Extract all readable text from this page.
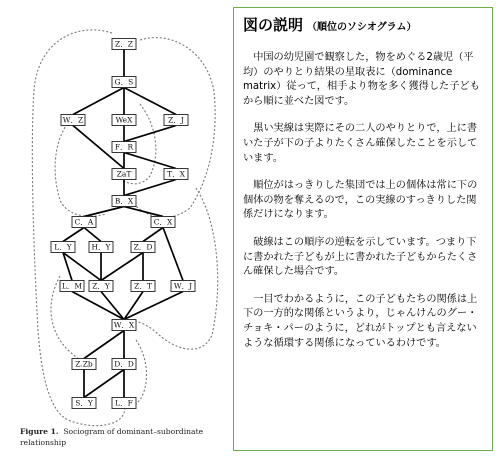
Z．Z
G．S
W．Z	WeX	Z．J
F．R
ZaT	T．X
B．X
C．A	C．X
L．Y	H．Y	Z．D
L．M Z．Y	Z．T	W．J
W．X
Z.Zb	D．D
S．Y	L．F
Figure 1. Sociogram of dominant–subordinate relationship
図の説明 （順位のソシオグラム）

中国の幼児園で観察した，物をめぐる2歳児（平均）のやりとり結果の星取表に（dominance matrix）従って，相手より物を多く獲得した子どもから順に並べた図です。

黒い実線は実際にその二人のやりとりで，上に書いた子が下の子よりたくさん確保したことを示しています。

順位がはっきりした集団では上の個体は常に下の個体の物を奪えるので，この実線のすっきりした関係だけになります。

破線はこの順序の逆転を示しています。つまり下に書かれた子どもが上に書かれた子どもからたくさん確保した場合です。

一目でわかるように，この子どもたちの関係は上下の一方的な関係というより，じゃんけんのグー・チョキ・パーのように，どれがトップとも言えないような循環する関係になっているわけです。
